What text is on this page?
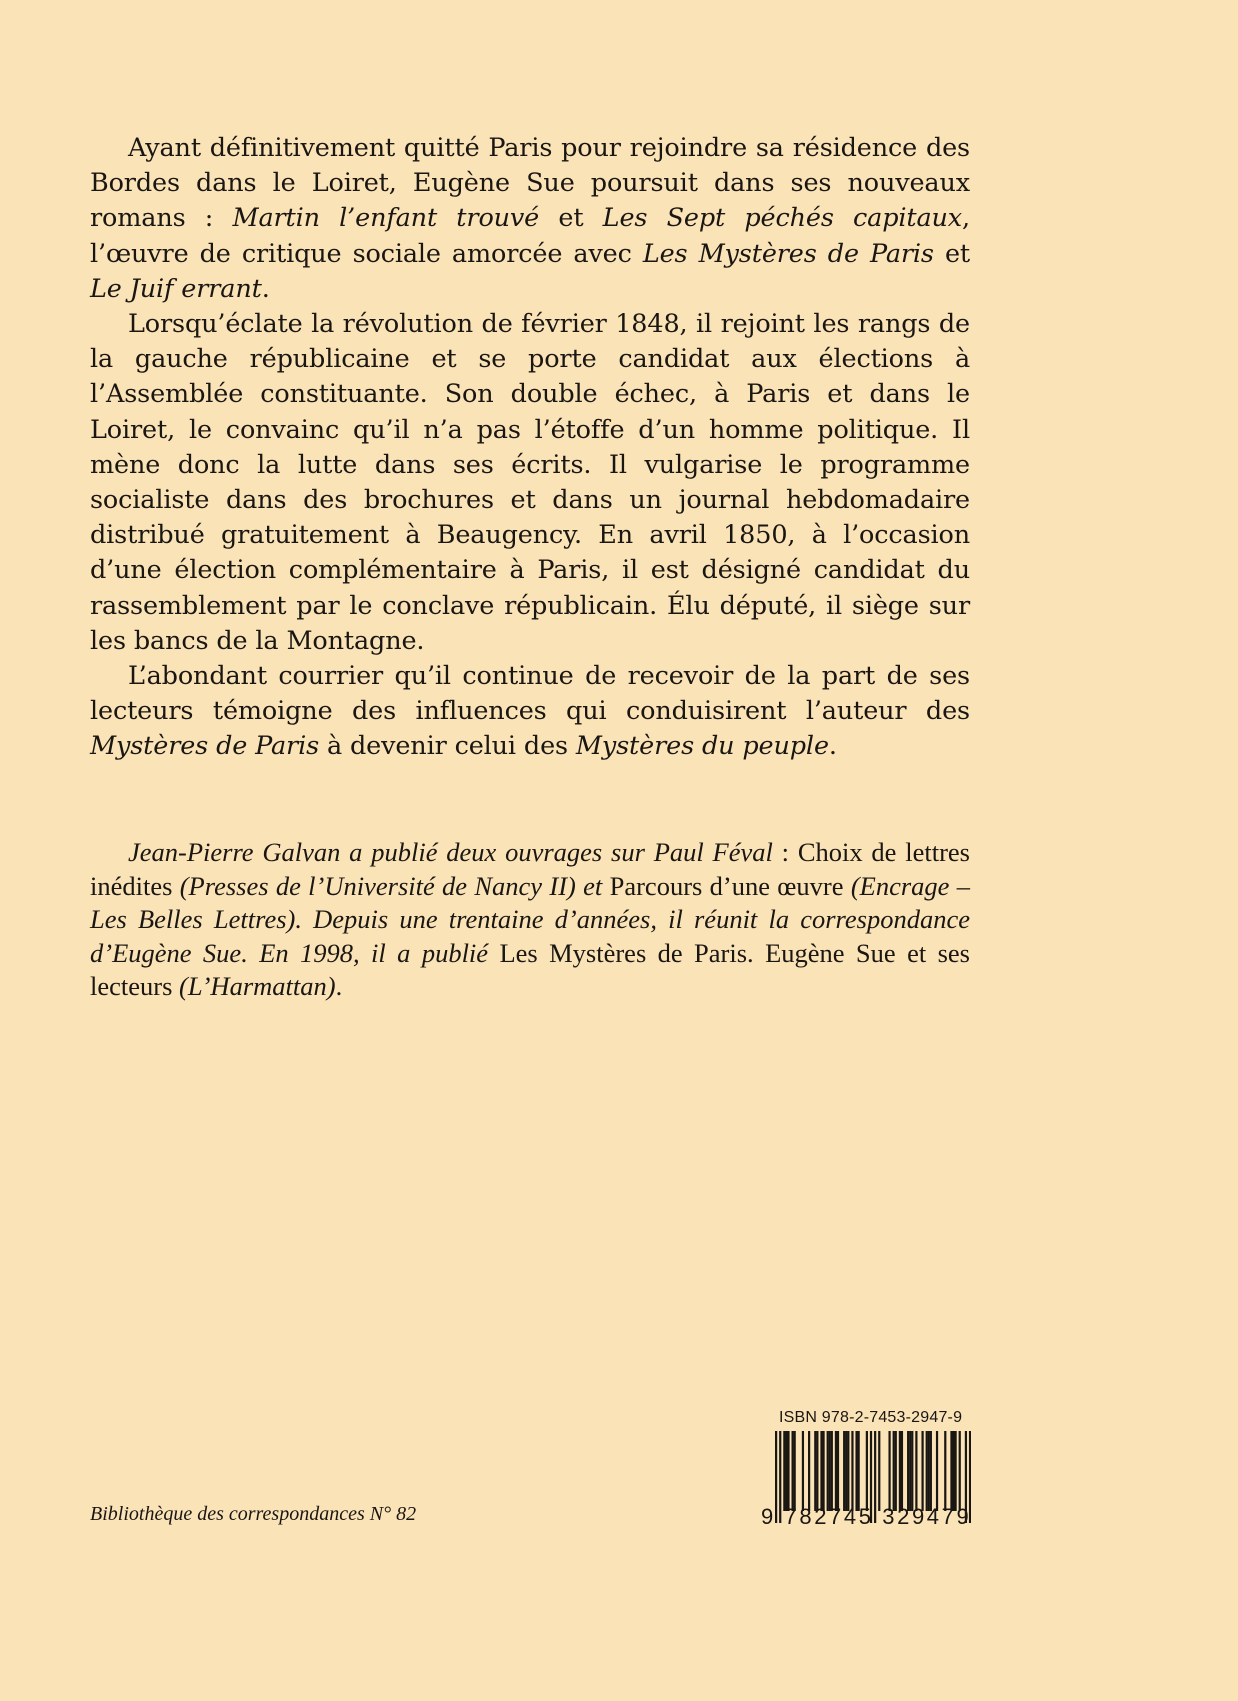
Ayant définitivement quitté Paris pour rejoindre sa résidence des Bordes dans le Loiret, Eugène Sue poursuit dans ses nouveaux romans : Martin l’enfant trouvé et Les Sept péchés capitaux, l’œuvre de critique sociale amorcée avec Les Mystères de Paris et Le Juif errant.

Lorsqu’éclate la révolution de février 1848, il rejoint les rangs de la gauche républicaine et se porte candidat aux élections à l’Assemblée constituante. Son double échec, à Paris et dans le Loiret, le convainc qu’il n’a pas l’étoffe d’un homme politique. Il mène donc la lutte dans ses écrits. Il vulgarise le programme socialiste dans des brochures et dans un journal hebdomadaire distribué gratuitement à Beaugency. En avril 1850, à l’occasion d’une élection complémentaire à Paris, il est désigné candidat du rassemblement par le conclave républicain. Élu député, il siège sur les bancs de la Montagne.

L’abondant courrier qu’il continue de recevoir de la part de ses lecteurs témoigne des influences qui conduisirent l’auteur des Mystères de Paris à devenir celui des Mystères du peuple.

Jean-Pierre Galvan a publié deux ouvrages sur Paul Féval : Choix de lettres inédites (Presses de l’Université de Nancy II) et Parcours d’une œuvre (Encrage – Les Belles Lettres). Depuis une trentaine d’années, il réunit la correspondance d’Eugène Sue. En 1998, il a publié Les Mystères de Paris. Eugène Sue et ses lecteurs (L’Harmattan).

Bibliothèque des correspondances N° 82
ISBN 978-2-7453-2947-9
9 782745 329479
